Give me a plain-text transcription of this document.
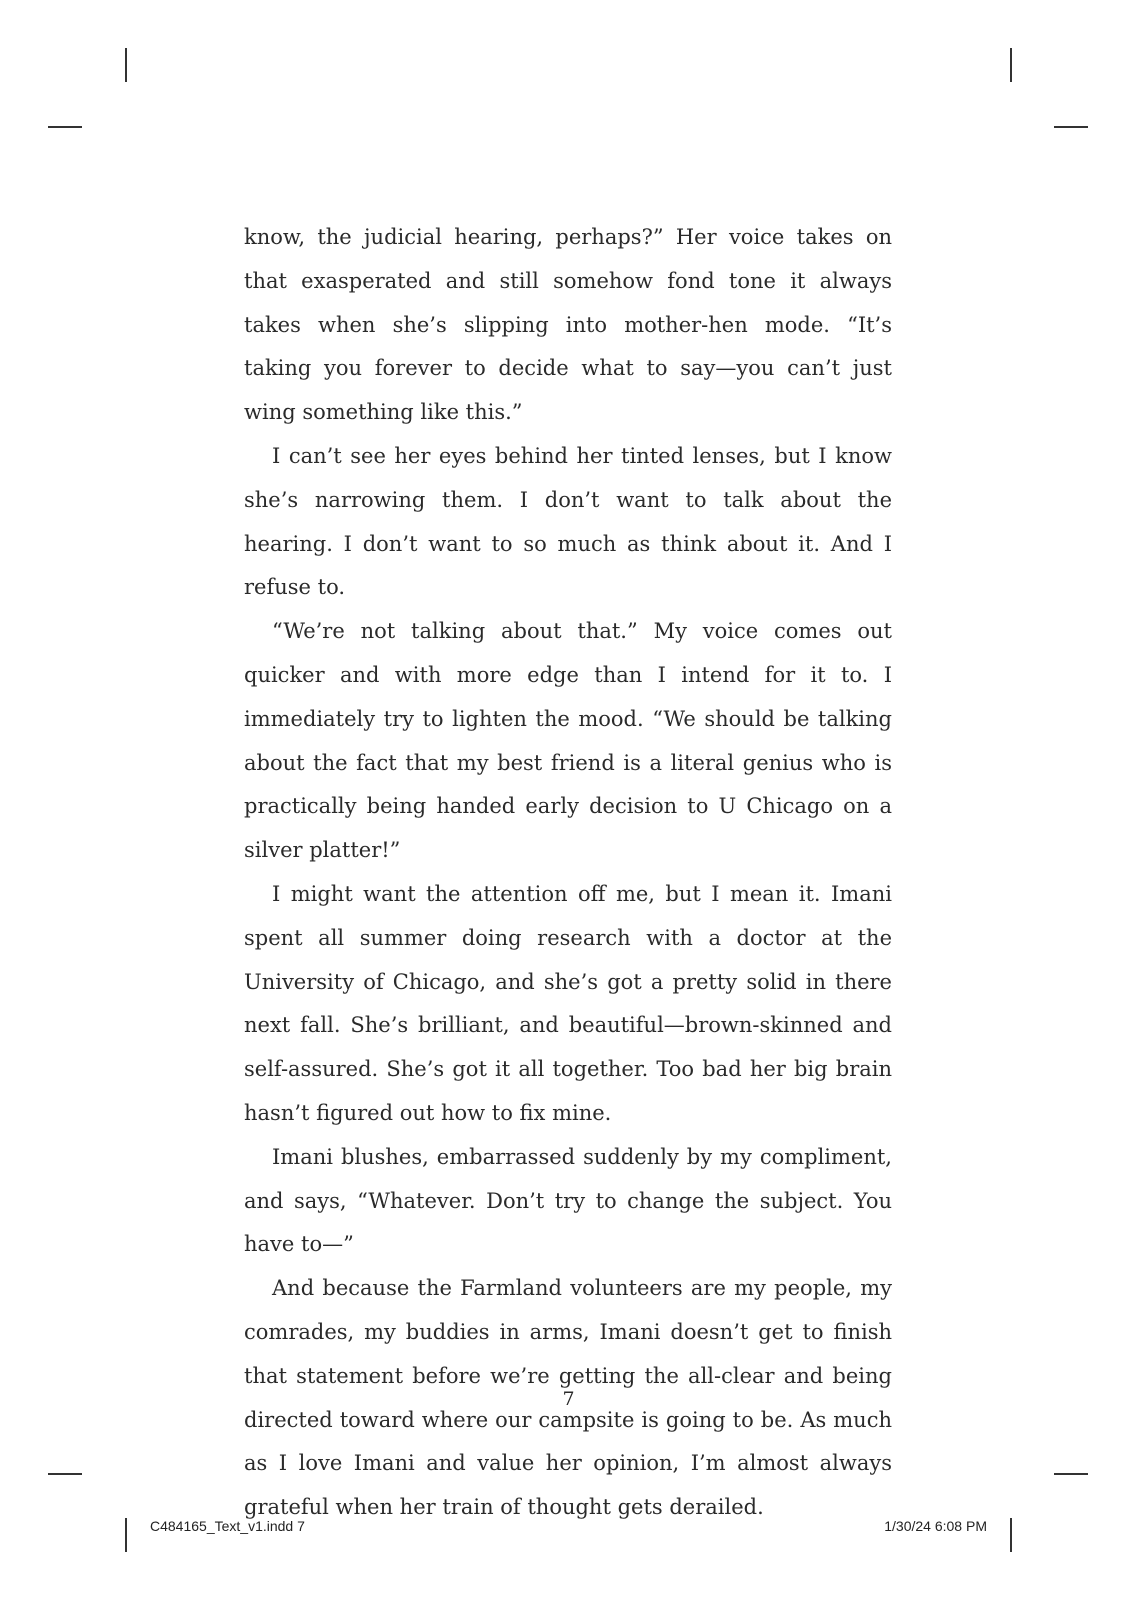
know, the judicial hearing, perhaps?” Her voice takes on that exasperated and still somehow fond tone it always takes when she’s slipping into mother-hen mode. “It’s taking you forever to decide what to say—you can’t just wing something like this.”

I can’t see her eyes behind her tinted lenses, but I know she’s narrowing them. I don’t want to talk about the hearing. I don’t want to so much as think about it. And I refuse to.

“We’re not talking about that.” My voice comes out quicker and with more edge than I intend for it to. I immediately try to lighten the mood. “We should be talking about the fact that my best friend is a literal genius who is practically being handed early decision to U Chicago on a silver platter!”

I might want the attention off me, but I mean it. Imani spent all summer doing research with a doctor at the University of Chicago, and she’s got a pretty solid in there next fall. She’s brilliant, and beautiful—brown-skinned and self-assured. She’s got it all together. Too bad her big brain hasn’t figured out how to fix mine.

Imani blushes, embarrassed suddenly by my compliment, and says, “Whatever. Don’t try to change the subject. You have to—”

And because the Farmland volunteers are my people, my comrades, my buddies in arms, Imani doesn’t get to finish that statement before we’re getting the all-clear and being directed toward where our campsite is going to be. As much as I love Imani and value her opinion, I’m almost always grateful when her train of thought gets derailed.

7
C484165_Text_v1.indd 7	1/30/24 6:08 PM
